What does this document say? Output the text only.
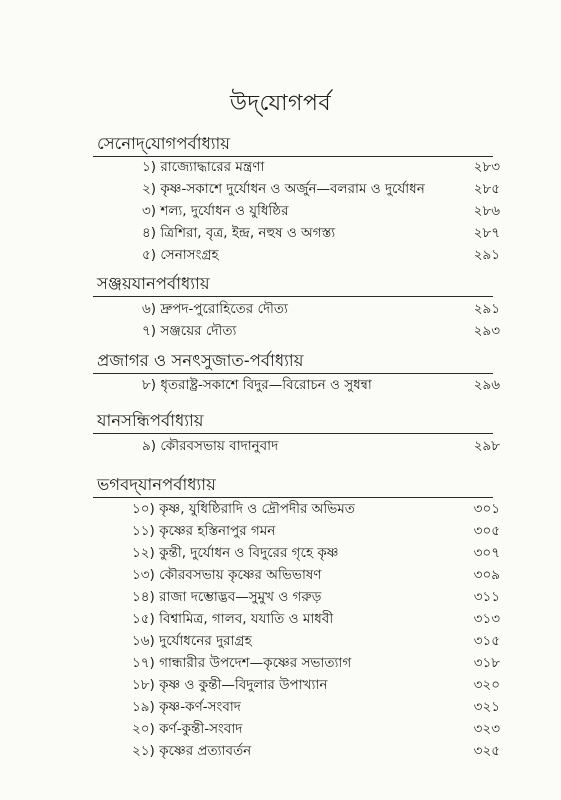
উদ্‌যোগপর্ব
সেনোদ্‌যোগপর্বাধ্যায়
১) রাজ্যোদ্ধারের মন্ত্রণা	২৮৩
২) কৃষ্ণ-সকাশে দুর্যোধন ও অর্জুন—বলরাম ও দুর্যোধন	২৮৫
৩) শল্য, দুর্যোধন ও যুধিষ্ঠির	২৮৬
৪) ত্রিশিরা, বৃত্র, ইন্দ্র, নহুষ ও অগস্ত্য	২৮৭
৫) সেনাসংগ্রহ	২৯১
সঞ্জয়যানপর্বাধ্যায়
৬) দ্রুপদ-পুরোহিতের দৌত্য	২৯১
৭) সঞ্জয়ের দৌত্য	২৯৩
প্রজাগর ও সনৎসুজাত-পর্বাধ্যায়
৮) ধৃতরাষ্ট্র-সকাশে বিদুর—বিরোচন ও সুধন্বা	২৯৬
যানসন্ধিপর্বাধ্যায়
৯) কৌরবসভায় বাদানুবাদ	২৯৮
ভগবদ্‌যানপর্বাধ্যায়
১০) কৃষ্ণ, যুধিষ্ঠিরাদি ও দ্রৌপদীর অভিমত	৩০১
১১) কৃষ্ণের হস্তিনাপুর গমন	৩০৫
১২) কুন্তী, দুর্যোধন ও বিদুরের গৃহে কৃষ্ণ	৩০৭
১৩) কৌরবসভায় কৃষ্ণের অভিভাষণ	৩০৯
১৪) রাজা দম্ভোদ্ভব—সুমুখ ও গরুড়	৩১১
১৫) বিশ্বামিত্র, গালব, যযাতি ও মাধবী	৩১৩
১৬) দুর্যোধনের দুরাগ্রহ	৩১৫
১৭) গান্ধারীর উপদেশ—কৃষ্ণের সভাত্যাগ	৩১৮
১৮) কৃষ্ণ ও কুন্তী—বিদুলার উপাখ্যান	৩২০
১৯) কৃষ্ণ-কর্ণ-সংবাদ	৩২১
২০) কর্ণ-কুন্তী-সংবাদ	৩২৩
২১) কৃষ্ণের প্রত্যাবর্তন	৩২৫
